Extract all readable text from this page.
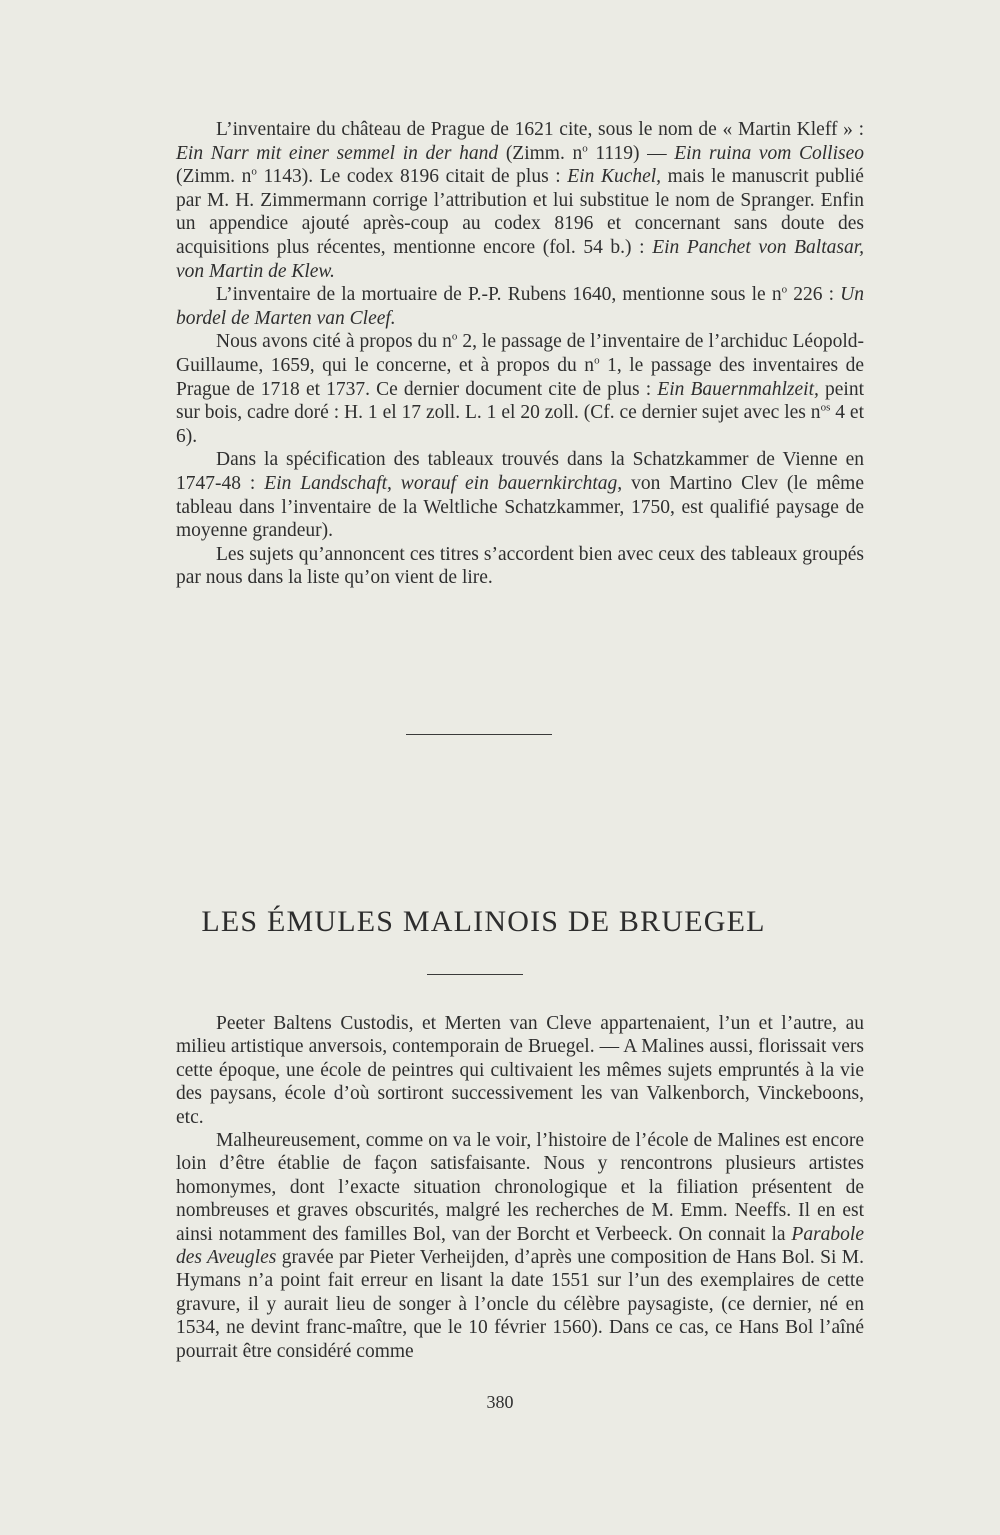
L’inventaire du château de Prague de 1621 cite, sous le nom de « Martin Kleff » : Ein Narr mit einer semmel in der hand (Zimm. $n^o$ 1119) — Ein ruina vom Colliseo (Zimm. $n^o$ 1143). Le codex 8196 citait de plus : Ein Kuchel, mais le manuscrit publié par M. H. Zimmermann corrige l’attribution et lui substitue le nom de Spranger. Enfin un appendice ajouté après-coup au codex 8196 et concernant sans doute des acquisitions plus récentes, mentionne encore (fol. 54 b.) : Ein Panchet von Baltasar, von Martin de Klew.

L’inventaire de la mortuaire de P.-P. Rubens 1640, mentionne sous le $n^o$ 226 : Un bordel de Marten van Cleef.

Nous avons cité à propos du $n^o$ 2, le passage de l’inventaire de l’archiduc Léopold-Guillaume, 1659, qui le concerne, et à propos du $n^o$ 1, le passage des inventaires de Prague de 1718 et 1737. Ce dernier document cite de plus : Ein Bauernmahlzeit, peint sur bois, cadre doré : H. 1 el 17 zoll. L. 1 el 20 zoll. (Cf. ce dernier sujet avec les $n^{os}$ 4 et 6).

Dans la spécification des tableaux trouvés dans la Schatzkammer de Vienne en 1747-48 : Ein Landschaft, worauf ein bauernkirchtag, von Martino Clev (le même tableau dans l’inventaire de la Weltliche Schatzkammer, 1750, est qualifié paysage de moyenne grandeur).

Les sujets qu’annoncent ces titres s’accordent bien avec ceux des tableaux groupés par nous dans la liste qu’on vient de lire.

LES ÉMULES MALINOIS DE BRUEGEL

Peeter Baltens Custodis, et Merten van Cleve appartenaient, l’un et l’autre, au milieu artistique anversois, contemporain de Bruegel. — A Malines aussi, florissait vers cette époque, une école de peintres qui cultivaient les mêmes sujets empruntés à la vie des paysans, école d’où sortiront successivement les van Valkenborch, Vinckeboons, etc.

Malheureusement, comme on va le voir, l’histoire de l’école de Malines est encore loin d’être établie de façon satisfaisante. Nous y rencontrons plusieurs artistes homonymes, dont l’exacte situation chronologique et la filiation présentent de nombreuses et graves obscurités, malgré les recherches de M. Emm. Neeffs. Il en est ainsi notamment des familles Bol, van der Borcht et Verbeeck. On connait la Parabole des Aveugles gravée par Pieter Verheijden, d’après une composition de Hans Bol. Si M. Hymans n’a point fait erreur en lisant la date 1551 sur l’un des exemplaires de cette gravure, il y aurait lieu de songer à l’oncle du célèbre paysagiste, (ce dernier, né en 1534, ne devint franc-maître, que le 10 février 1560). Dans ce cas, ce Hans Bol l’aîné pourrait être considéré comme

380
